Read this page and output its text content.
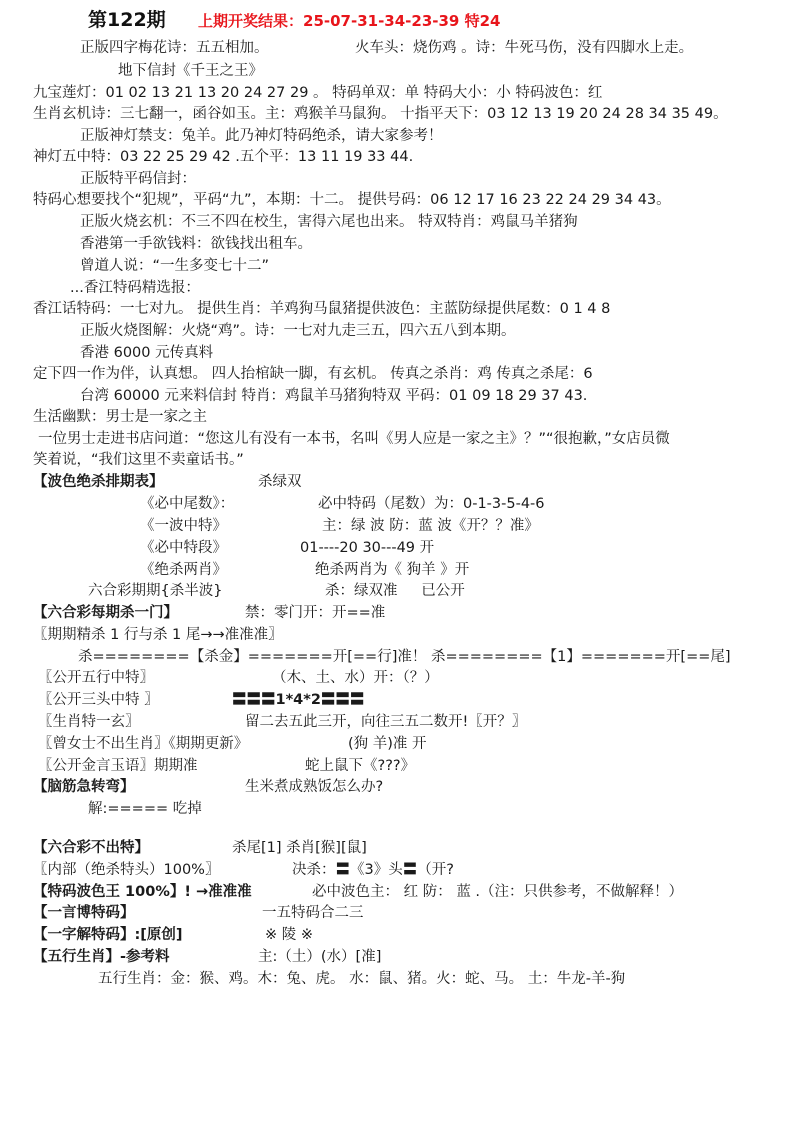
第122期 上期开奖结果：25-07-31-34-23-39 特24
正版四字梅花诗：五五相加。	火车头：烧伤鸡 。诗：牛死马伤，没有四脚水上走。
地下信封《千王之王》
九宝莲灯：01 02 13 21 13 20 24 27 29 。 特码单双：单 特码大小：小 特码波色：红
生肖玄机诗：三七翻一，函谷如玉。主：鸡猴羊马鼠狗。 十指平天下：03 12 13 19 20 24 28 34 35 49。
正版神灯禁支：兔羊。此乃神灯特码绝杀，请大家参考！
神灯五中特：03 22 25 29 42 .五个平：13 11 19 33 44.
正版特平码信封：
特码心想要找个“犯规”，平码“九”，本期：十二。 提供号码：06 12 17 16 23 22 24 29 34 43。
正版火烧玄机：不三不四在校生，害得六尾也出来。 特双特肖：鸡鼠马羊猪狗
香港第一手欲钱料：欲钱找出租车。
曾道人说：“一生多变七十二”
...香江特码精选报：
香江话特码：一七对九。 提供生肖：羊鸡狗马鼠猪提供波色：主蓝防绿提供尾数：0 1 4 8
正版火烧图解：火烧“鸡”。诗：一七对九走三五，四六五八到本期。
香港 6000 元传真料
定下四一作为伴，认真想。 四人抬棺缺一脚，有玄机。 传真之杀肖：鸡 传真之杀尾：6
台湾 60000 元来料信封 特肖：鸡鼠羊马猪狗特双 平码：01 09 18 29 37 43.
生活幽默：男士是一家之主
一位男士走进书店问道：“您这儿有没有一本书，名叫《男人应是一家之主》？”“很抱歉，”女店员微
笑着说，“我们这里不卖童话书。”
【波色绝杀排期表】	杀绿双
《必中尾数》：	必中特码（尾数）为：0-1-3-5-4-6
《一波中特》	主：绿 波 防：蓝 波《开？？准》
《必中特段》	01----20 30---49 开
《绝杀两肖》	绝杀两肖为《 狗羊 》开
六合彩期期{杀半波}	杀：绿双准 　 已公开
【六合彩每期杀一门】	禁：零门开：开==准
〖期期精杀 1 行与杀 1 尾→→准准准〗
杀========【杀金】=======开[==行]准！ 杀========【1】=======开[==尾]
〖公开五行中特〗	（木、土、水）开：（？）
〖公开三头中特 〗	〓〓〓1*4*2〓〓〓
〖生肖特一玄〗	留二去五此三开，向往三五二数开!〖开？〗
〖曾女士不出生肖〗《期期更新》	(狗 羊)准 开
〖公开金言玉语〗期期准	蛇上鼠下《???》
【脑筋急转弯】	生米煮成熟饭怎么办?
解:===== 吃掉
【六合彩不出特】	杀尾[1] 杀肖[猴][鼠]
〖内部（绝杀特头）100%〗	决杀：〓《3》头〓（开?
【特码波色王 100%】! →准准准	必中波色主： 红 防： 蓝 .（注：只供参考，不做解释！）
【一言博特码】	一五特码合二三
【一字解特码】:[原创]	※ 陵 ※
【五行生肖】-参考料	主:（土）(水）[准]
五行生肖：金：猴、鸡。木：兔、虎。 水：鼠、猪。火：蛇、马。 土：牛龙-羊-狗
